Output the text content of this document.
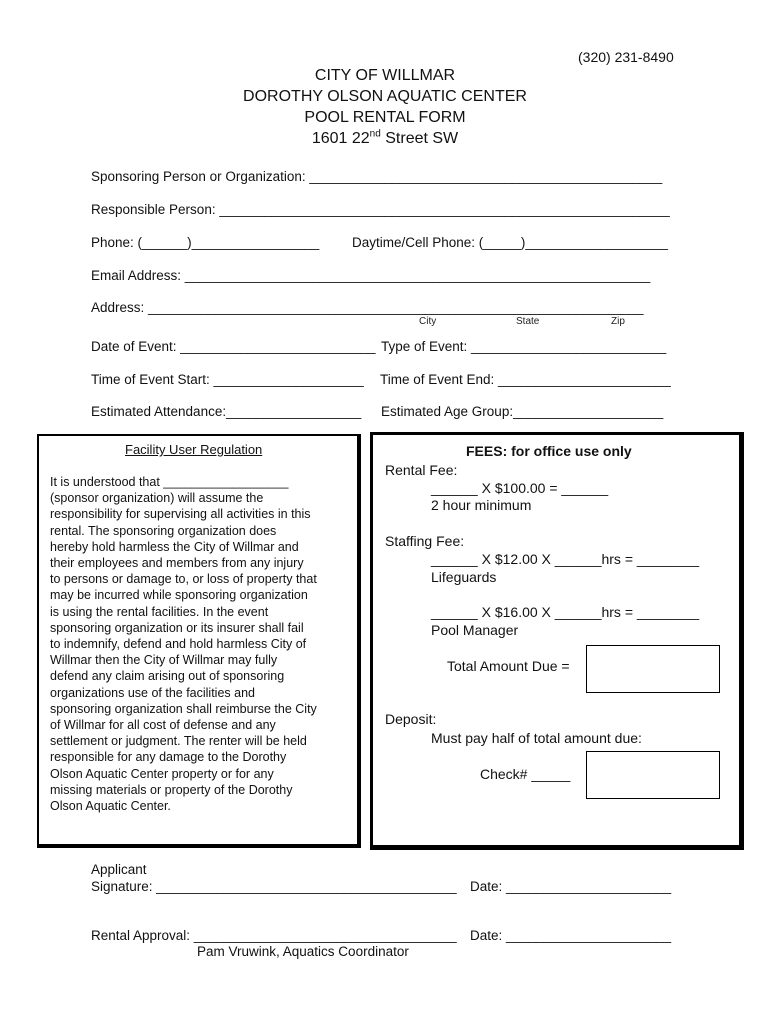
(320) 231-8490
CITY OF WILLMAR
DOROTHY OLSON AQUATIC CENTER
POOL RENTAL FORM
1601 22nd Street SW
Sponsoring Person or Organization: _______________________________________________
Responsible Person: ____________________________________________________________
Phone: (______)_________________ Daytime/Cell Phone: (_____)___________________
Email Address: ______________________________________________________________
Address: __________________________________________________________________
City	State	Zip
Date of Event: __________________________ Type of Event: __________________________
Time of Event Start: ____________________ Time of Event End: _______________________
Estimated Attendance:__________________ Estimated Age Group:____________________
Facility User Regulation
It is understood that __________________
(sponsor organization) will assume the
responsibility for supervising all activities in this
rental. The sponsoring organization does
hereby hold harmless the City of Willmar and
their employees and members from any injury
to persons or damage to, or loss of property that
may be incurred while sponsoring organization
is using the rental facilities. In the event
sponsoring organization or its insurer shall fail
to indemnify, defend and hold harmless City of
Willmar then the City of Willmar may fully
defend any claim arising out of sponsoring
organizations use of the facilities and
sponsoring organization shall reimburse the City
of Willmar for all cost of defense and any
settlement or judgment. The renter will be held
responsible for any damage to the Dorothy
Olson Aquatic Center property or for any
missing materials or property of the Dorothy
Olson Aquatic Center.
FEES: for office use only
Rental Fee:
______ X $100.00 = ______
2 hour minimum
Staffing Fee:
______ X $12.00 X ______hrs = ________
Lifeguards
______ X $16.00 X ______hrs = ________
Pool Manager
Total Amount Due =
Deposit:
Must pay half of total amount due:
Check# _____
Applicant
Signature: ________________________________________ Date: ______________________
Rental Approval: ___________________________________ Date: ______________________
Pam Vruwink, Aquatics Coordinator
